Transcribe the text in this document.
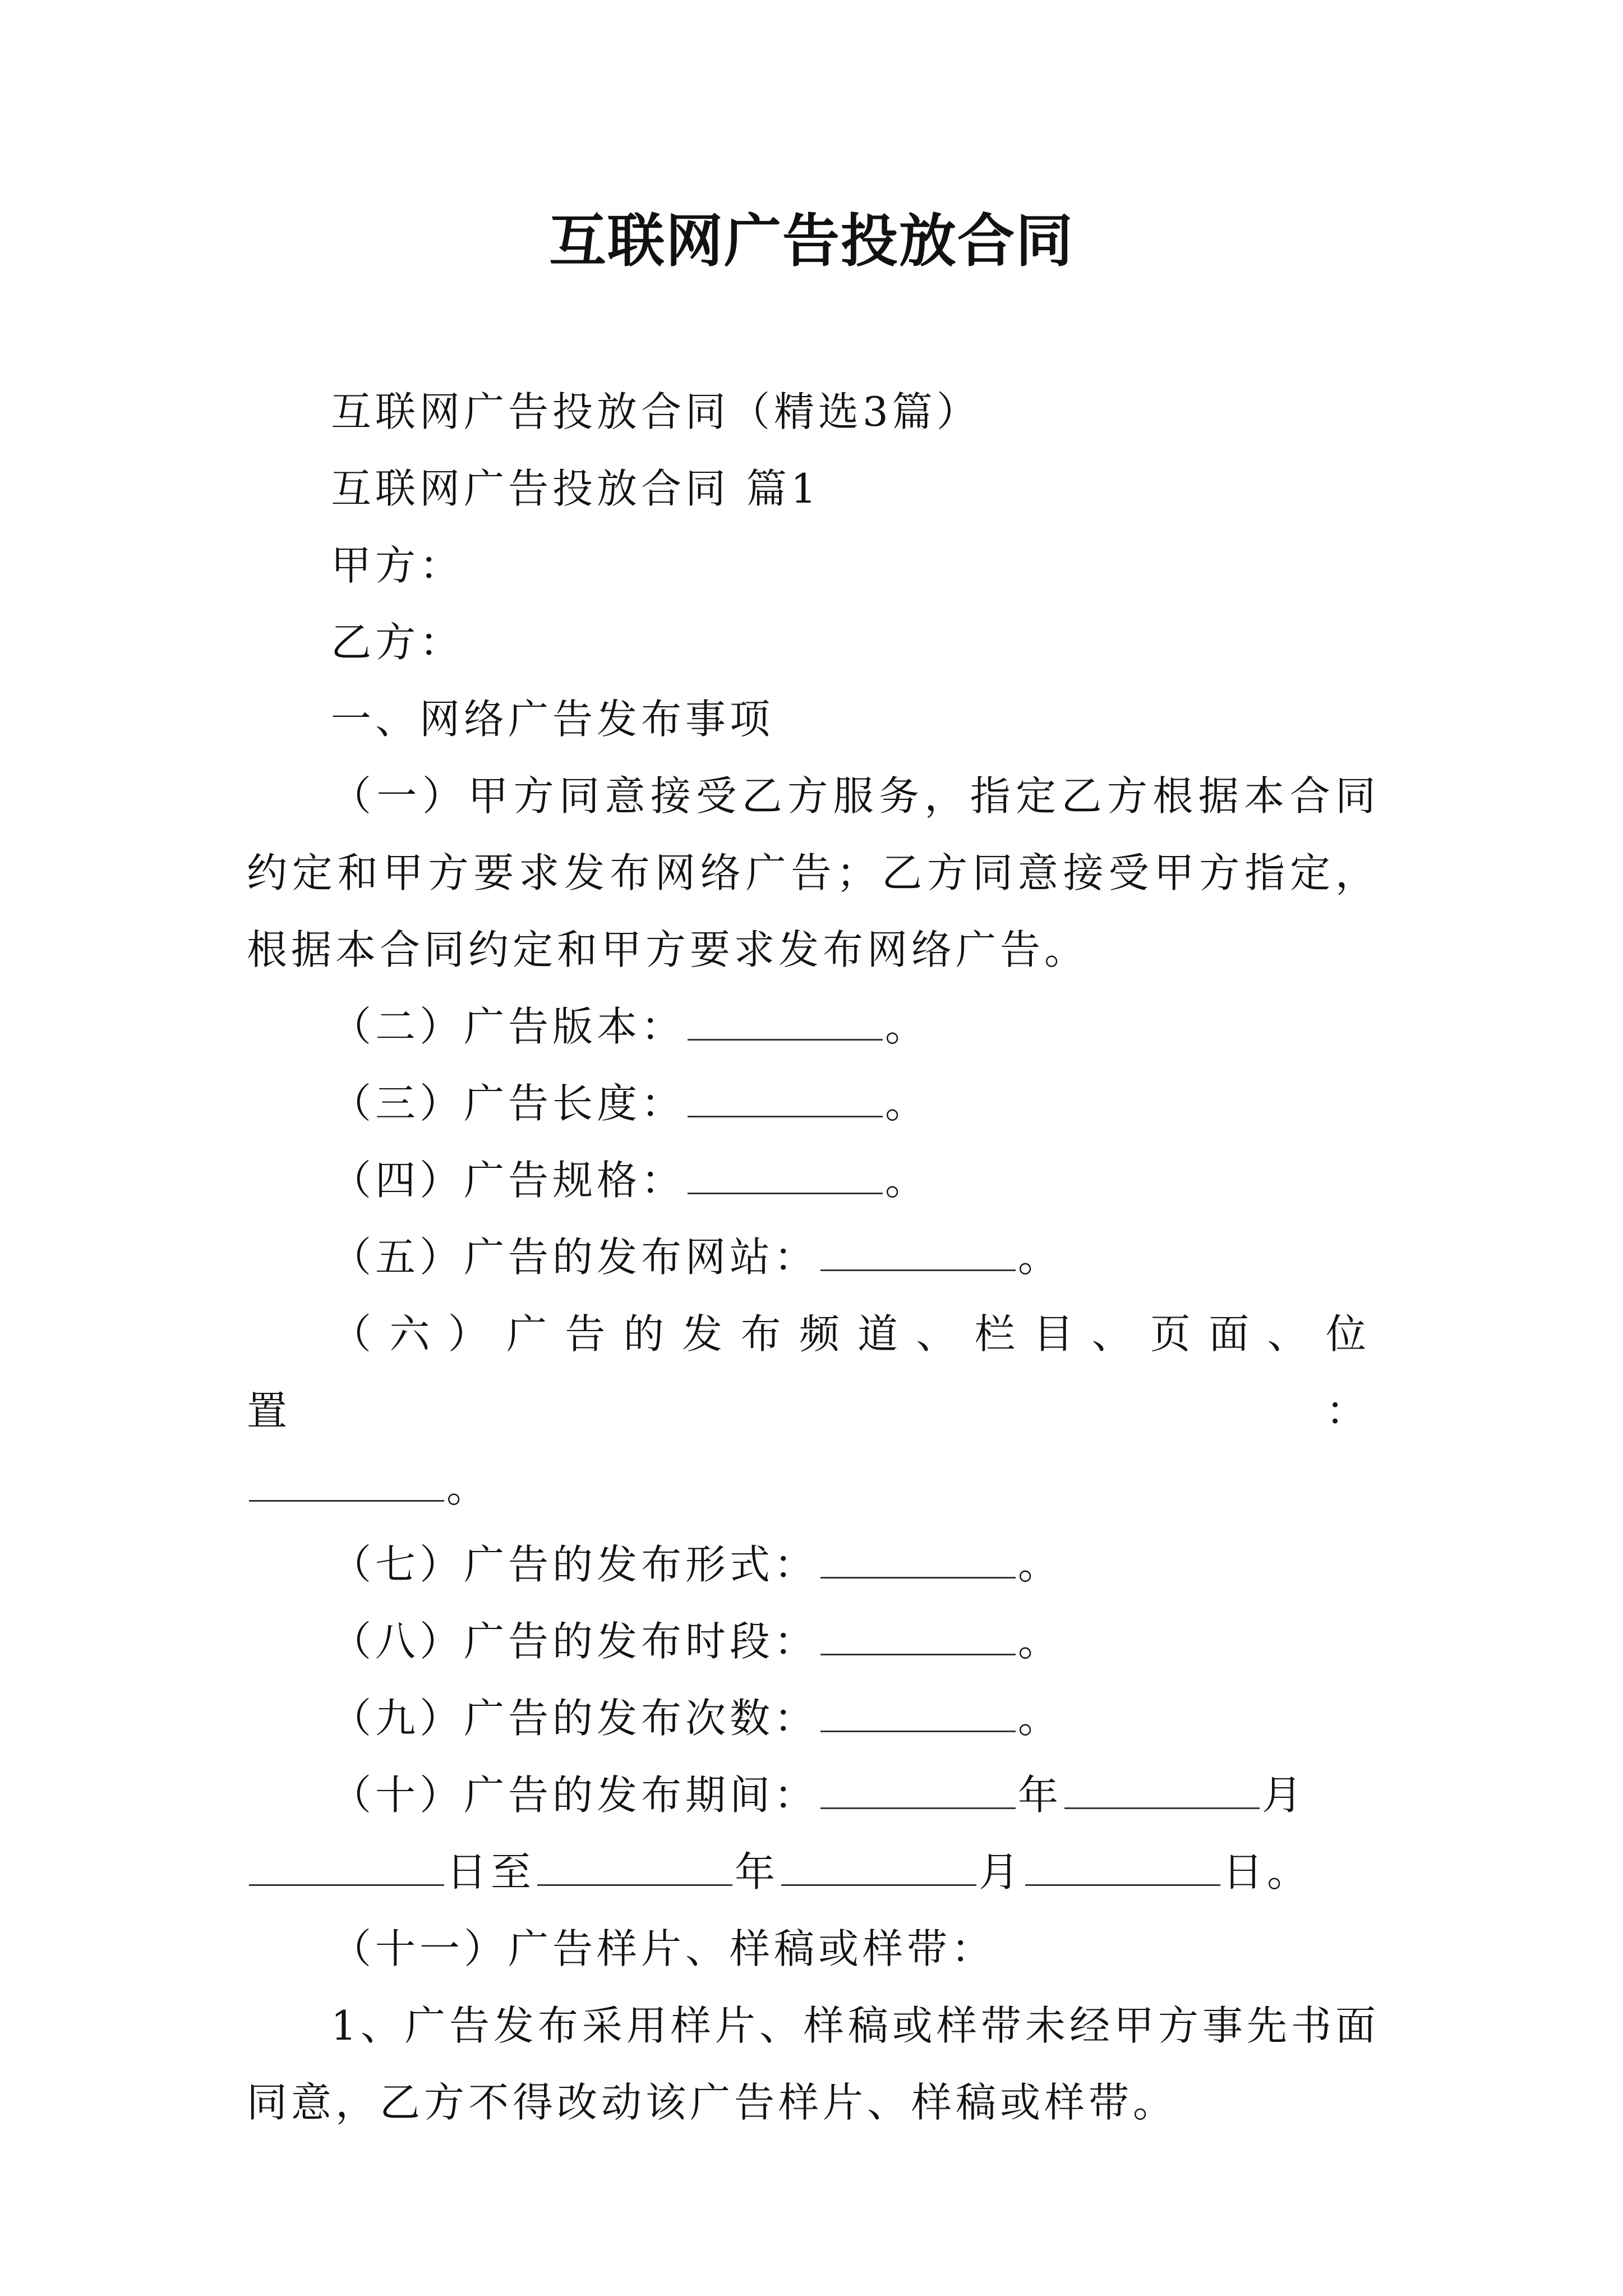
互联网广告投放合同

互联网广告投放合同（精选3篇）

互联网广告投放合同 篇1

甲方：

乙方：

一、网络广告发布事项

（一）甲方同意接受乙方服务，指定乙方根据本合同约定和甲方要求发布网络广告；乙方同意接受甲方指定，根据本合同约定和甲方要求发布网络广告。

（二）广告版本：	。

（三）广告长度：	。

（四）广告规格：	。

（五）广告的发布网站：	。

（六）广告的发布频道、栏目、页面、位置：

。

（七）广告的发布形式：	。

（八）广告的发布时段：	。

（九）广告的发布次数：	。

（十）广告的发布期间：	年	月

日至	年	月	日。

（十一）广告样片、样稿或样带：

1、广告发布采用样片、样稿或样带未经甲方事先书面同意，乙方不得改动该广告样片、样稿或样带。
